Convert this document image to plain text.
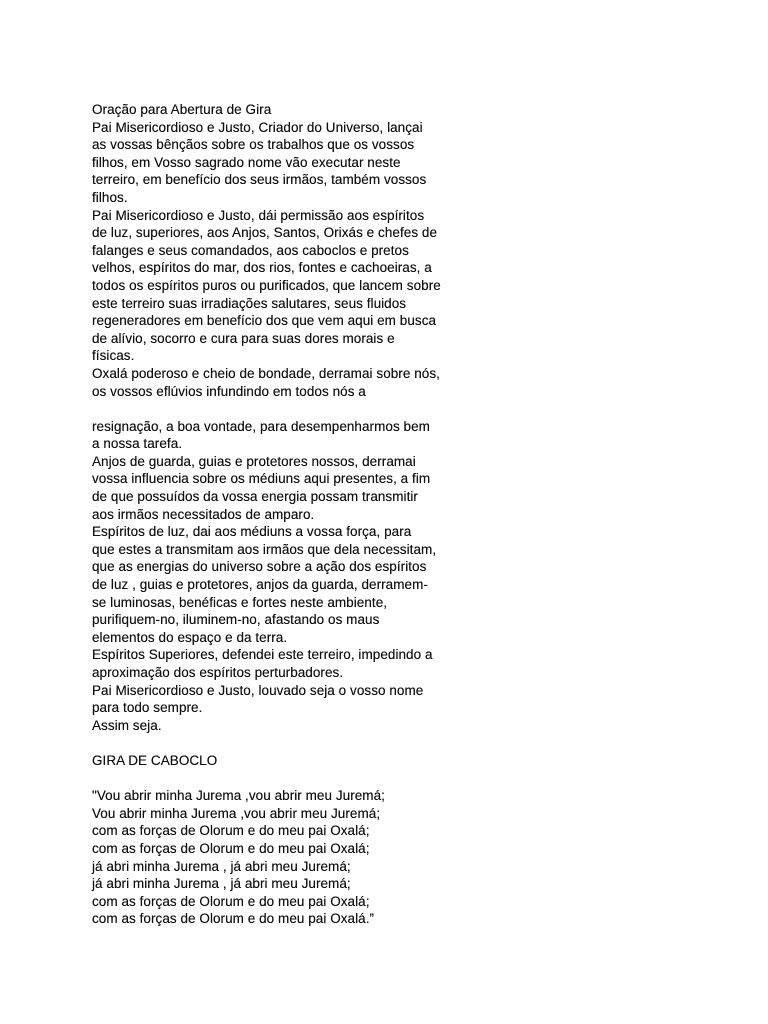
Oração para Abertura de Gira
Pai Misericordioso e Justo, Criador do Universo, lançai
as vossas bênçãos sobre os trabalhos que os vossos
filhos, em Vosso sagrado nome vão executar neste
terreiro, em benefício dos seus irmãos, também vossos
filhos.
Pai Misericordioso e Justo, dái permissão aos espíritos
de luz, superiores, aos Anjos, Santos, Orixás e chefes de
falanges e seus comandados, aos caboclos e pretos
velhos, espíritos do mar, dos rios, fontes e cachoeiras, a
todos os espíritos puros ou purificados, que lancem sobre
este terreiro suas irradiações salutares, seus fluidos
regeneradores em benefício dos que vem aqui em busca
de alívio, socorro e cura para suas dores morais e
físicas.
Oxalá poderoso e cheio de bondade, derramai sobre nós,
os vossos eflúvios infundindo em todos nós a
resignação, a boa vontade, para desempenharmos bem
a nossa tarefa.
Anjos de guarda, guias e protetores nossos, derramai
vossa influencia sobre os médiuns aqui presentes, a fim
de que possuídos da vossa energia possam transmitir
aos irmãos necessitados de amparo.
Espíritos de luz, dai aos médiuns a vossa força, para
que estes a transmitam aos irmãos que dela necessitam,
que as energias do universo sobre a ação dos espíritos
de luz , guias e protetores, anjos da guarda, derramem-
se luminosas, benéficas e fortes neste ambiente,
purifiquem-no, iluminem-no, afastando os maus
elementos do espaço e da terra.
Espíritos Superiores, defendei este terreiro, impedindo a
aproximação dos espíritos perturbadores.
Pai Misericordioso e Justo, louvado seja o vosso nome
para todo sempre.
Assim seja.
GIRA DE CABOCLO
"Vou abrir minha Jurema ,vou abrir meu Juremá;
Vou abrir minha Jurema ,vou abrir meu Juremá;
com as forças de Olorum e do meu pai Oxalá;
com as forças de Olorum e do meu pai Oxalá;
já abri minha Jurema , já abri meu Juremá;
já abri minha Jurema , já abri meu Juremá;
com as forças de Olorum e do meu pai Oxalá;
com as forças de Olorum e do meu pai Oxalá.”
